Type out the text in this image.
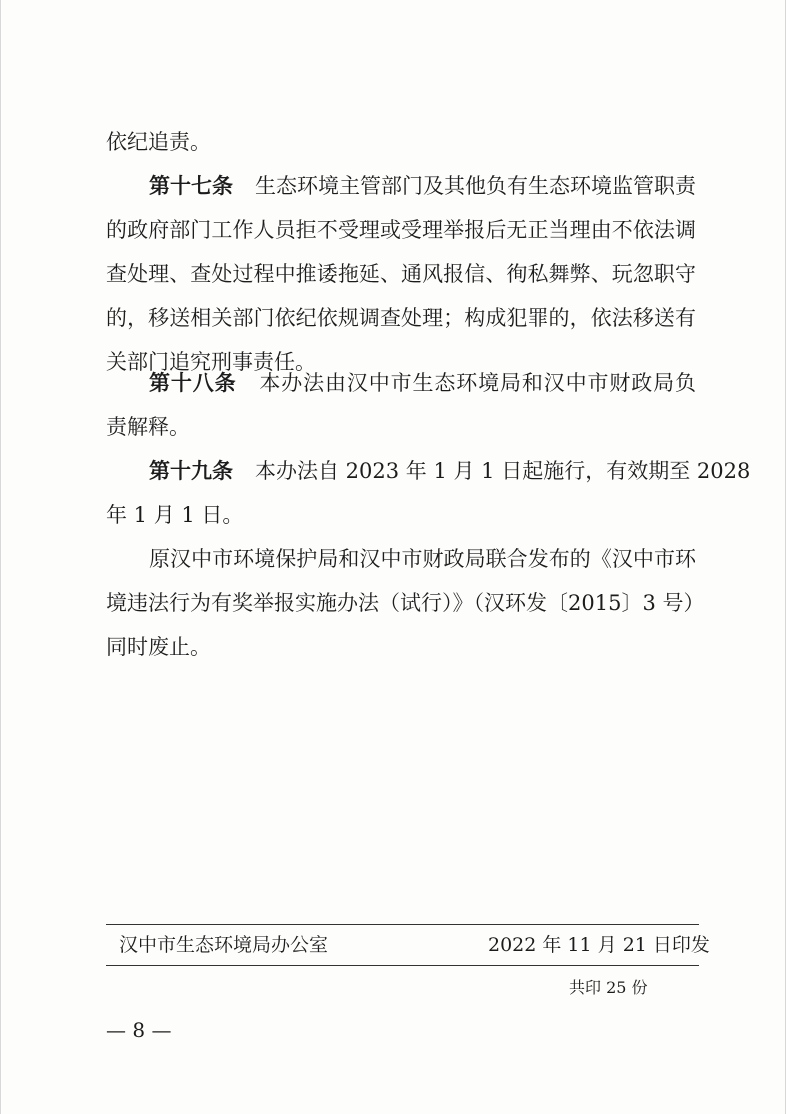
依纪追责。
第十七条 生态环境主管部门及其他负有生态环境监管职责
的政府部门工作人员拒不受理或受理举报后无正当理由不依法调
查处理、查处过程中推诿拖延、通风报信、徇私舞弊、玩忽职守
的，移送相关部门依纪依规调查处理；构成犯罪的，依法移送有
关部门追究刑事责任。
第十八条 本办法由汉中市生态环境局和汉中市财政局负
责解释。
第十九条 本办法自 2023 年 1 月 1 日起施行，有效期至 2028
年 1 月 1 日。
原汉中市环境保护局和汉中市财政局联合发布的《汉中市环
境违法行为有奖举报实施办法（试行）》（汉环发〔2015〕3 号）
同时废止。
汉中市生态环境局办公室	2022 年 11 月 21 日印发
共印 25 份
— 8 —
